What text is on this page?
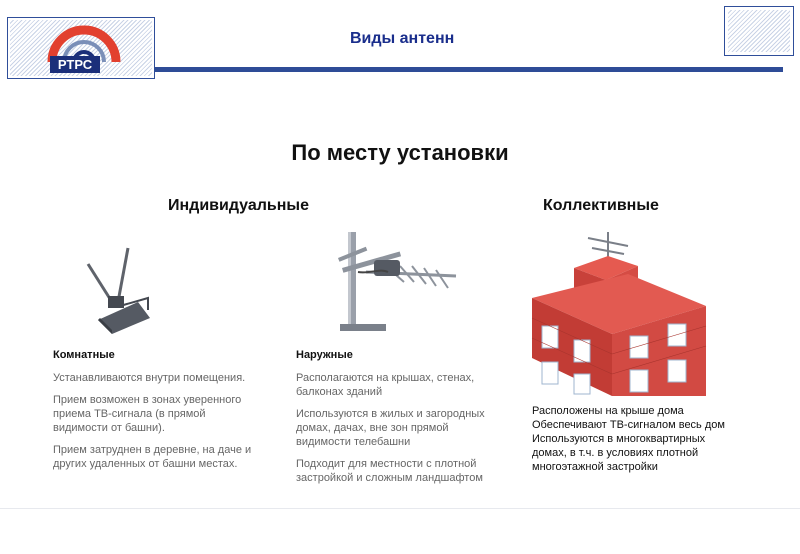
РТРС
Виды антенн
По месту установки
Индивидуальные	Коллективные
Комнатные

Устанавливаются внутри помещения.

Прием возможен в зонах уверенного приема ТВ-сигнала (в прямой видимости от башни).

Прием затруднен в деревне, на даче и других удаленных от башни местах.

Наружные

Располагаются на крышах, стенах, балконах зданий

Используются в жилых и загородных домах, дачах, вне зон прямой видимости телебашни

Подходит для местности с плотной застройкой и сложным ландшафтом

Расположены на крыше дома
Обеспечивают ТВ-сигналом весь дом
Используются в многоквартирных домах, в т.ч. в условиях плотной многоэтажной застройки
